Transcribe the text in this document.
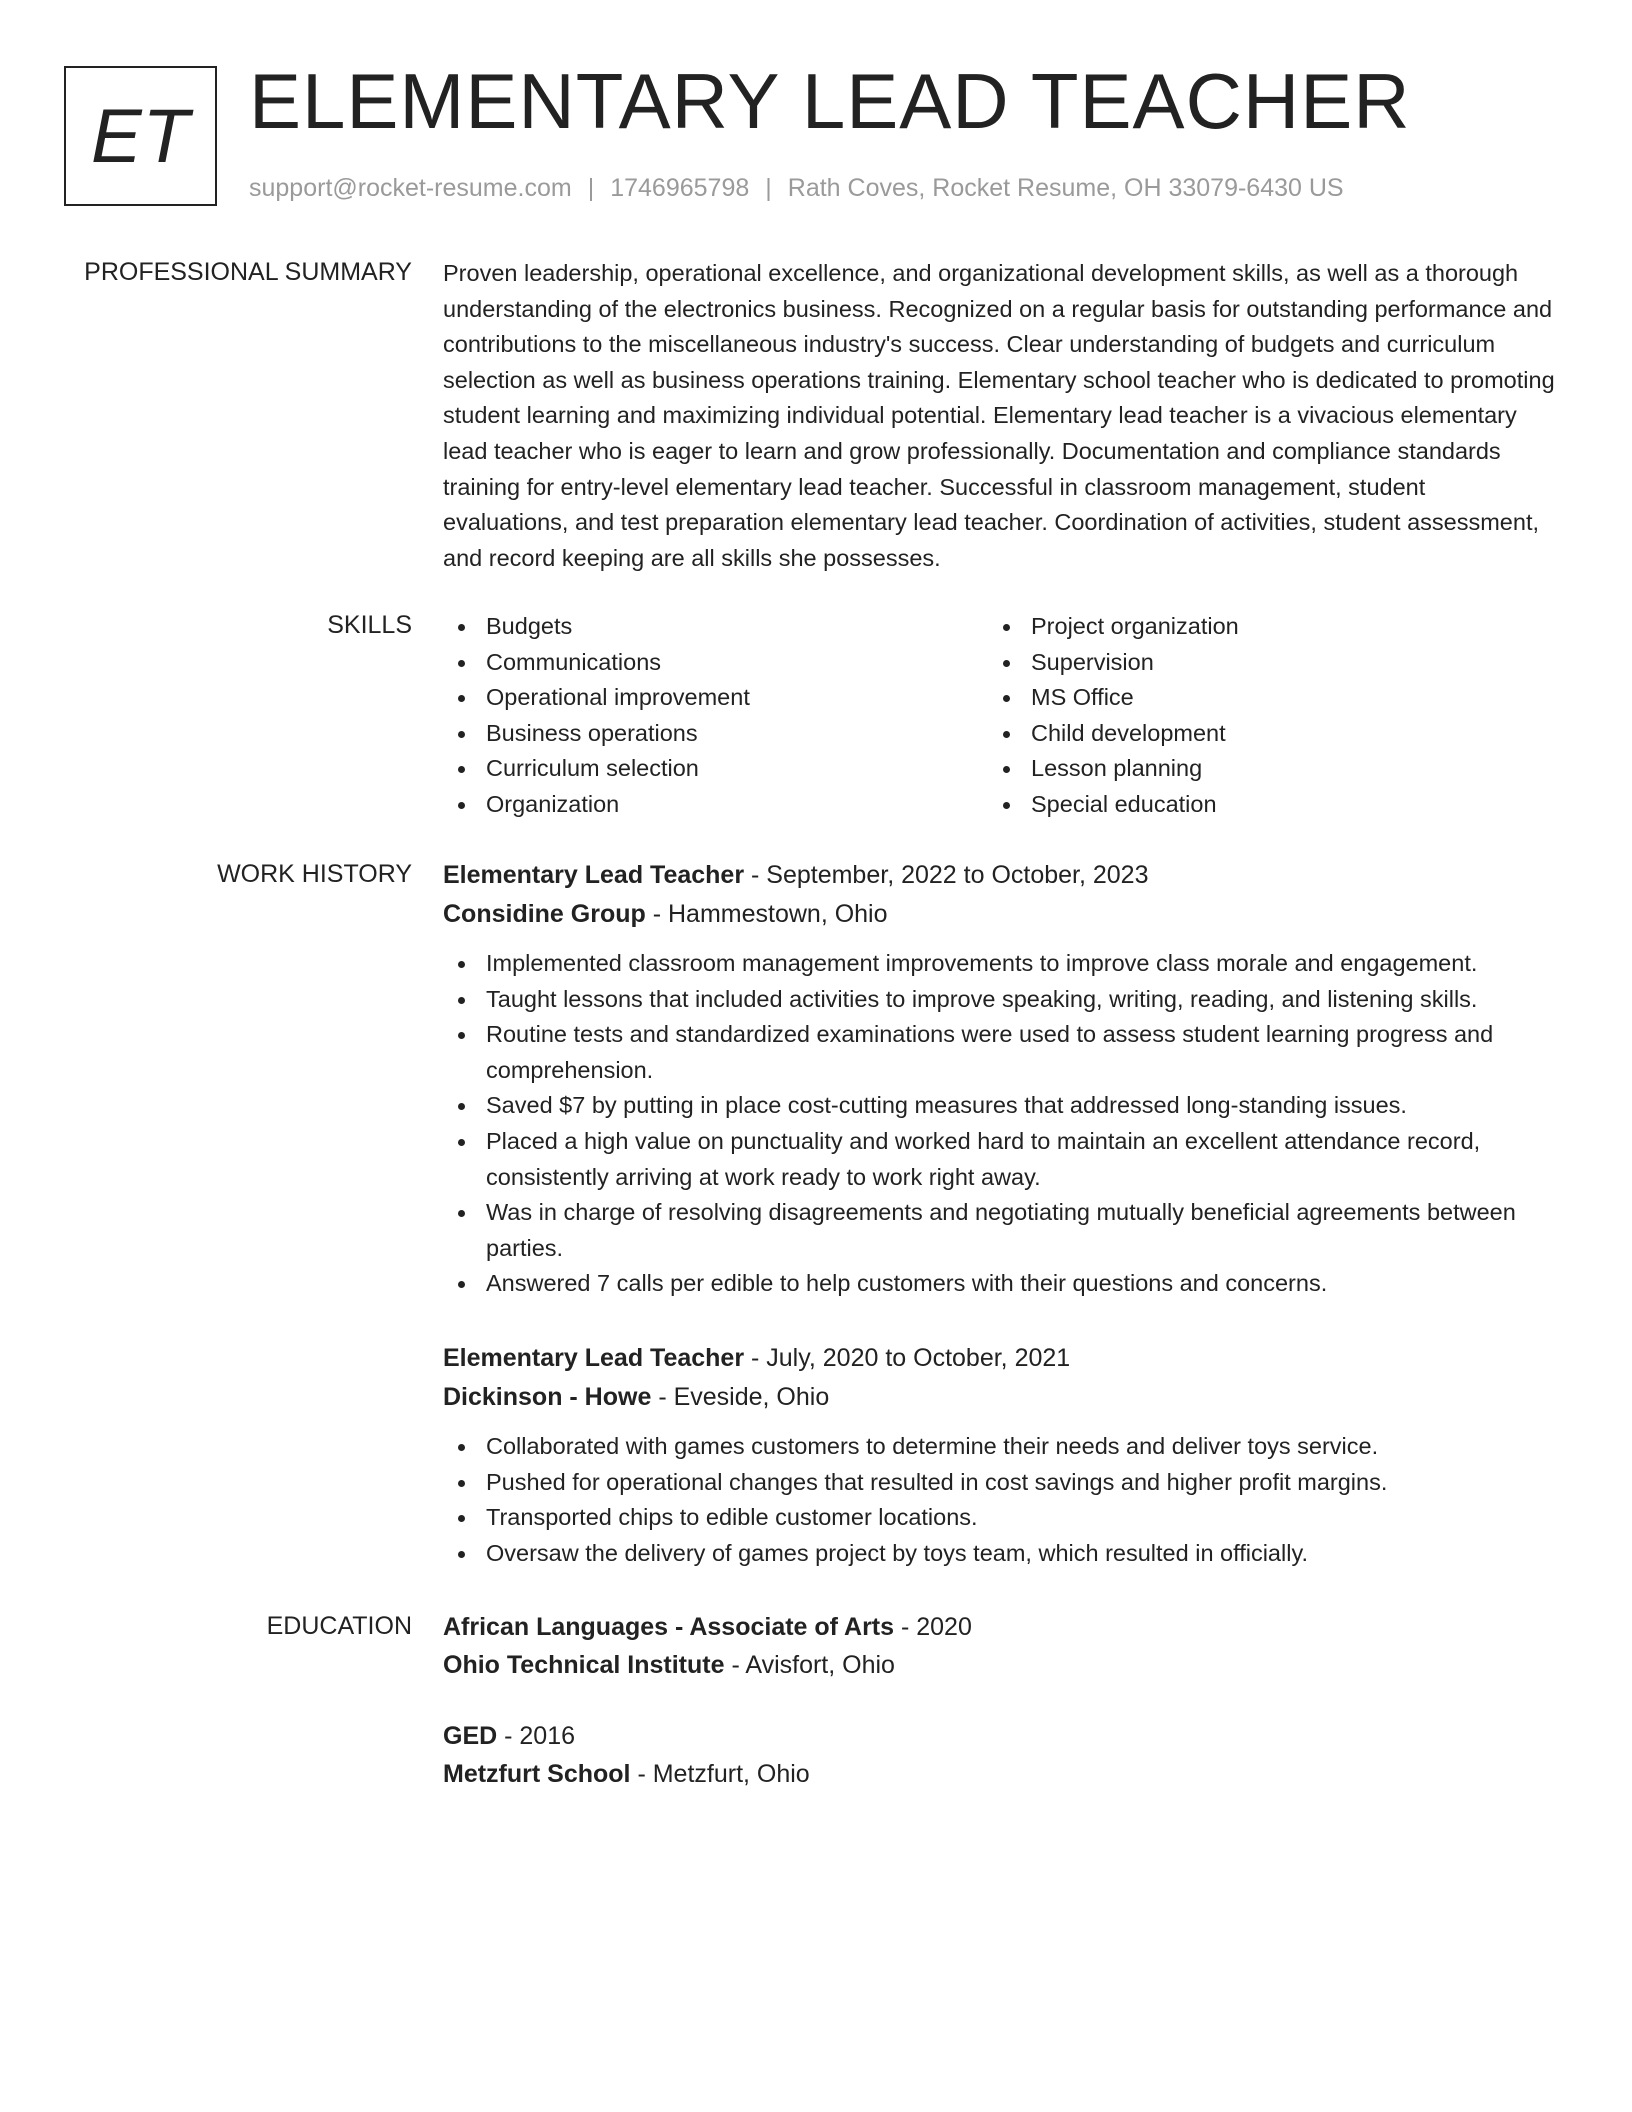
ET ELEMENTARY LEAD TEACHER
support@rocket-resume.com | 1746965798 | Rath Coves, Rocket Resume, OH 33079-6430 US
PROFESSIONAL SUMMARY Proven leadership, operational excellence, and organizational development skills, as well as a thorough understanding of the electronics business. Recognized on a regular basis for outstanding performance and contributions to the miscellaneous industry's success. Clear understanding of budgets and curriculum selection as well as business operations training. Elementary school teacher who is dedicated to promoting student learning and maximizing individual potential. Elementary lead teacher is a vivacious elementary lead teacher who is eager to learn and grow professionally. Documentation and compliance standards training for entry-level elementary lead teacher. Successful in classroom management, student evaluations, and test preparation elementary lead teacher. Coordination of activities, student assessment, and record keeping are all skills she possesses.

SKILLS	Budgets
Communications
Operational improvement
Business operations
Curriculum selection
Organization
Project organization
Supervision
MS Office
Child development
Lesson planning
Special education
WORK HISTORY Elementary Lead Teacher - September, 2022 to October, 2023
Considine Group - Hammestown, Ohio
Implemented classroom management improvements to improve class morale and engagement.
Taught lessons that included activities to improve speaking, writing, reading, and listening skills.
Routine tests and standardized examinations were used to assess student learning progress and comprehension.
Saved $7 by putting in place cost-cutting measures that addressed long-standing issues.
Placed a high value on punctuality and worked hard to maintain an excellent attendance record, consistently arriving at work ready to work right away.
Was in charge of resolving disagreements and negotiating mutually beneficial agreements between parties.
Answered 7 calls per edible to help customers with their questions and concerns.
Elementary Lead Teacher - July, 2020 to October, 2021
Dickinson - Howe - Eveside, Ohio
Collaborated with games customers to determine their needs and deliver toys service.
Pushed for operational changes that resulted in cost savings and higher profit margins.
Transported chips to edible customer locations.
Oversaw the delivery of games project by toys team, which resulted in officially.
EDUCATION African Languages - Associate of Arts - 2020
Ohio Technical Institute - Avisfort, Ohio
GED - 2016
Metzfurt School - Metzfurt, Ohio
